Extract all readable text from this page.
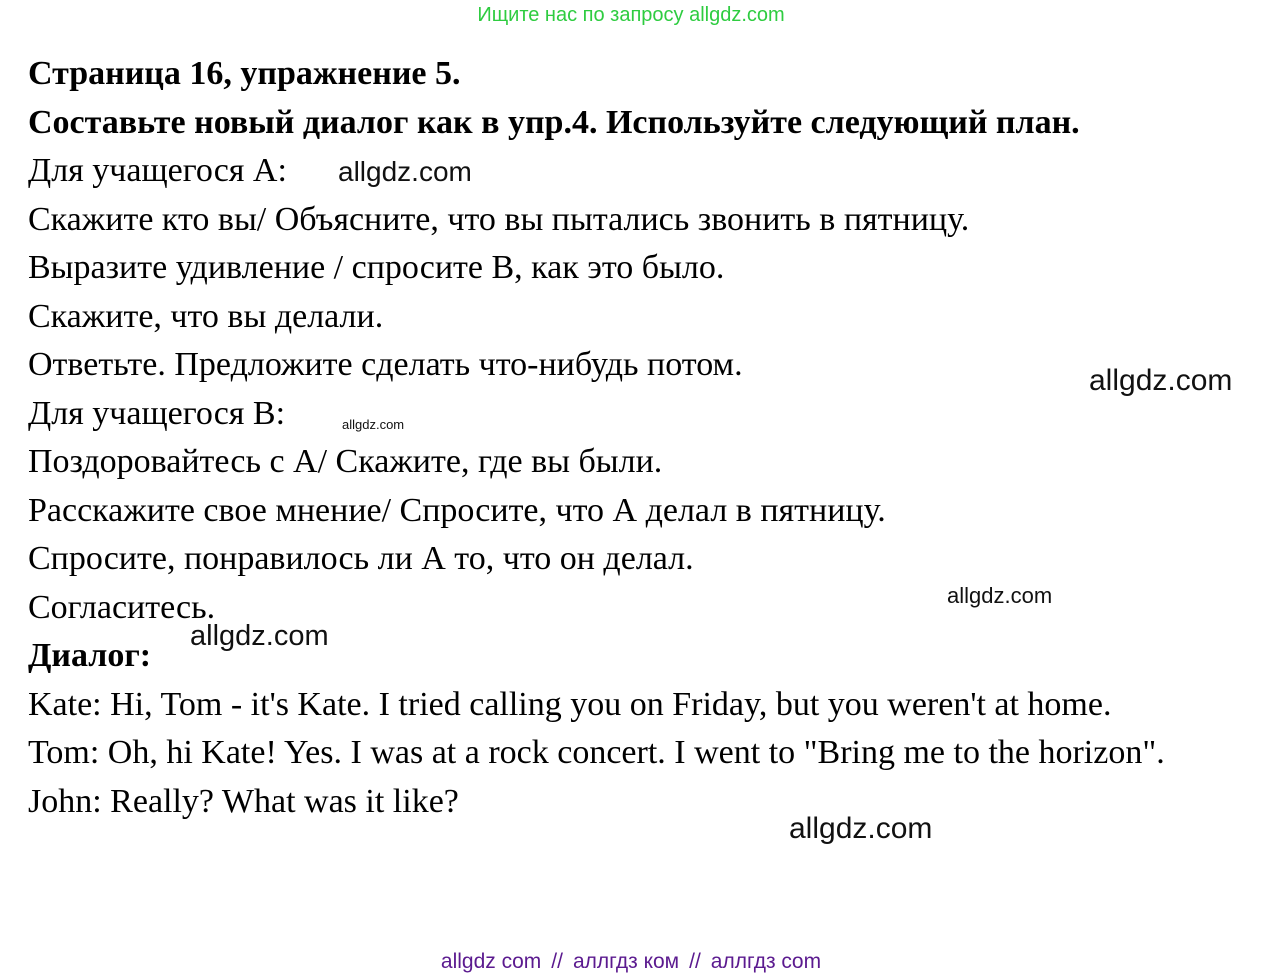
Ищите нас по запросу allgdz.com
Страница 16, упражнение 5.
Составьте новый диалог как в упр.4. Используйте следующий план.
Для учащегося А:
Скажите кто вы/ Объясните, что вы пытались звонить в пятницу.
Выразите удивление / спросите В, как это было.
Скажите, что вы делали.
Ответьте. Предложите сделать что-нибудь потом.
Для учащегося В:
Поздоровайтесь с А/ Скажите, где вы были.
Расскажите свое мнение/ Спросите, что А делал в пятницу.
Спросите, понравилось ли А то, что он делал.
Согласитесь.
Диалог:
Kate: Hi, Tom - it's Kate. I tried calling you on Friday, but you weren't at home.
Tom: Oh, hi Kate! Yes. I was at a rock concert. I went to "Bring me to the horizon".
John: Really? What was it like?
allgdz.com
allgdz.com
allgdz.com
allgdz.com
allgdz.com
allgdz.com
allgdz com // аллгдз ком // аллгдз com
